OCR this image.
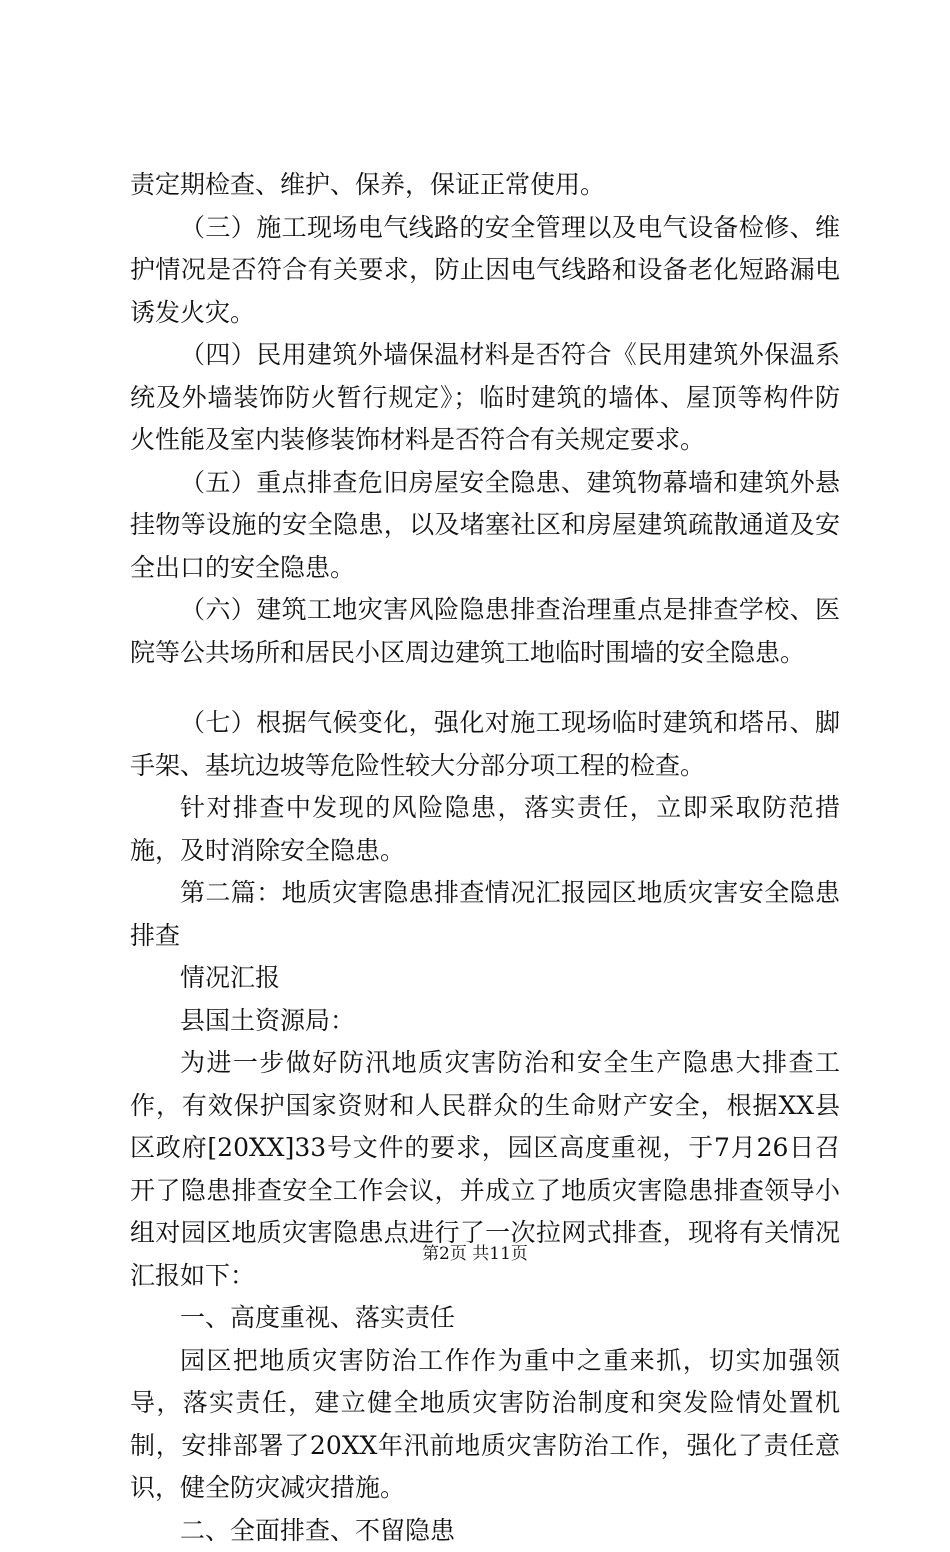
责定期检查、维护、保养，保证正常使用。

（三）施工现场电气线路的安全管理以及电气设备检修、维护情况是否符合有关要求，防止因电气线路和设备老化短路漏电诱发火灾。

（四）民用建筑外墙保温材料是否符合《民用建筑外保温系统及外墙装饰防火暂行规定》；临时建筑的墙体、屋顶等构件防火性能及室内装修装饰材料是否符合有关规定要求。

（五）重点排查危旧房屋安全隐患、建筑物幕墙和建筑外悬挂物等设施的安全隐患，以及堵塞社区和房屋建筑疏散通道及安全出口的安全隐患。

（六）建筑工地灾害风险隐患排查治理重点是排查学校、医院等公共场所和居民小区周边建筑工地临时围墙的安全隐患。

（七）根据气候变化，强化对施工现场临时建筑和塔吊、脚手架、基坑边坡等危险性较大分部分项工程的检查。

针对排查中发现的风险隐患，落实责任，立即采取防范措施，及时消除安全隐患。

第二篇：地质灾害隐患排查情况汇报园区地质灾害安全隐患排查

情况汇报

县国土资源局：

为进一步做好防汛地质灾害防治和安全生产隐患大排查工作，有效保护国家资财和人民群众的生命财产安全，根据XX县区政府[20XX]33号文件的要求，园区高度重视，于7月26日召开了隐患排查安全工作会议，并成立了地质灾害隐患排查领导小组对园区地质灾害隐患点进行了一次拉网式排查，现将有关情况汇报如下：

一、高度重视、落实责任

园区把地质灾害防治工作作为重中之重来抓，切实加强领导，落实责任，建立健全地质灾害防治制度和突发险情处置机制，安排部署了20XX年汛前地质灾害防治工作，强化了责任意识，健全防灾减灾措施。

二、全面排查、不留隐患

第2页 共11页
